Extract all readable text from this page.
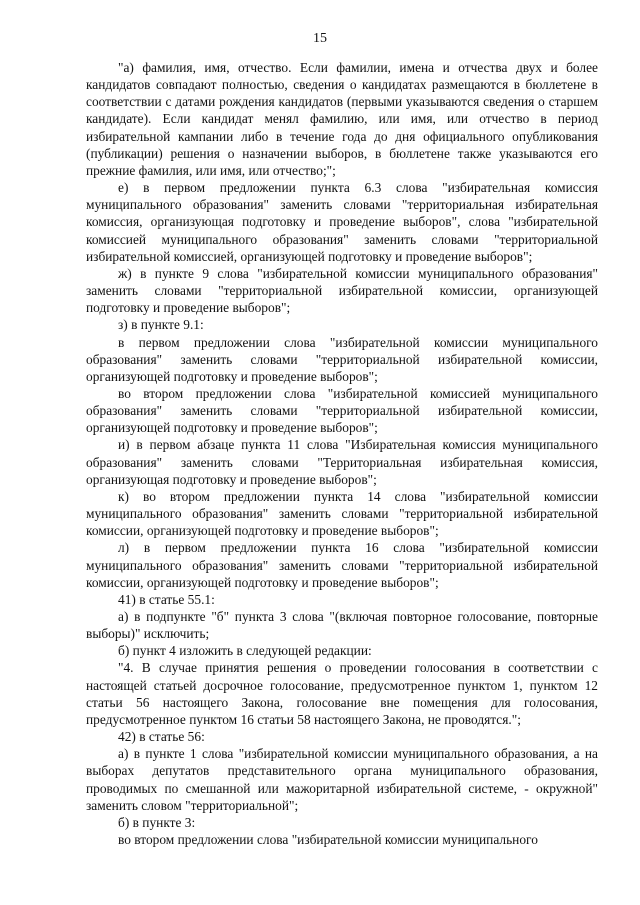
15

"а) фамилия, имя, отчество. Если фамилии, имена и отчества двух и более кандидатов совпадают полностью, сведения о кандидатах размещаются в бюллетене в соответствии с датами рождения кандидатов (первыми указываются сведения о старшем кандидате). Если кандидат менял фамилию, или имя, или отчество в период избирательной кампании либо в течение года до дня официального опубликования (публикации) решения о назначении выборов, в бюллетене также указываются его прежние фамилия, или имя, или отчество;";

е) в первом предложении пункта 6.3 слова "избирательная комиссия муниципального образования" заменить словами "территориальная избирательная комиссия, организующая подготовку и проведение выборов", слова "избирательной комиссией муниципального образования" заменить словами "территориальной избирательной комиссией, организующей подготовку и проведение выборов";

ж) в пункте 9 слова "избирательной комиссии муниципального образования" заменить словами "территориальной избирательной комиссии, организующей подготовку и проведение выборов";

з) в пункте 9.1:

в первом предложении слова "избирательной комиссии муниципального образования" заменить словами "территориальной избирательной комиссии, организующей подготовку и проведение выборов";

во втором предложении слова "избирательной комиссией муниципального образования" заменить словами "территориальной избирательной комиссии, организующей подготовку и проведение выборов";

и) в первом абзаце пункта 11 слова "Избирательная комиссия муниципального образования" заменить словами "Территориальная избирательная комиссия, организующая подготовку и проведение выборов";

к) во втором предложении пункта 14 слова "избирательной комиссии муниципального образования" заменить словами "территориальной избирательной комиссии, организующей подготовку и проведение выборов";

л) в первом предложении пункта 16 слова "избирательной комиссии муниципального образования" заменить словами "территориальной избирательной комиссии, организующей подготовку и проведение выборов";

41) в статье 55.1:

а) в подпункте "б" пункта 3 слова "(включая повторное голосование, повторные выборы)" исключить;

б) пункт 4 изложить в следующей редакции:

"4. В случае принятия решения о проведении голосования в соответствии с настоящей статьей досрочное голосование, предусмотренное пунктом 1, пунктом 12 статьи 56 настоящего Закона, голосование вне помещения для голосования, предусмотренное пунктом 16 статьи 58 настоящего Закона, не проводятся.";

42) в статье 56:

а) в пункте 1 слова "избирательной комиссии муниципального образования, а на выборах депутатов представительного органа муниципального образования, проводимых по смешанной или мажоритарной избирательной системе, - окружной" заменить словом "территориальной";

б) в пункте 3:

во втором предложении слова "избирательной комиссии муниципального
